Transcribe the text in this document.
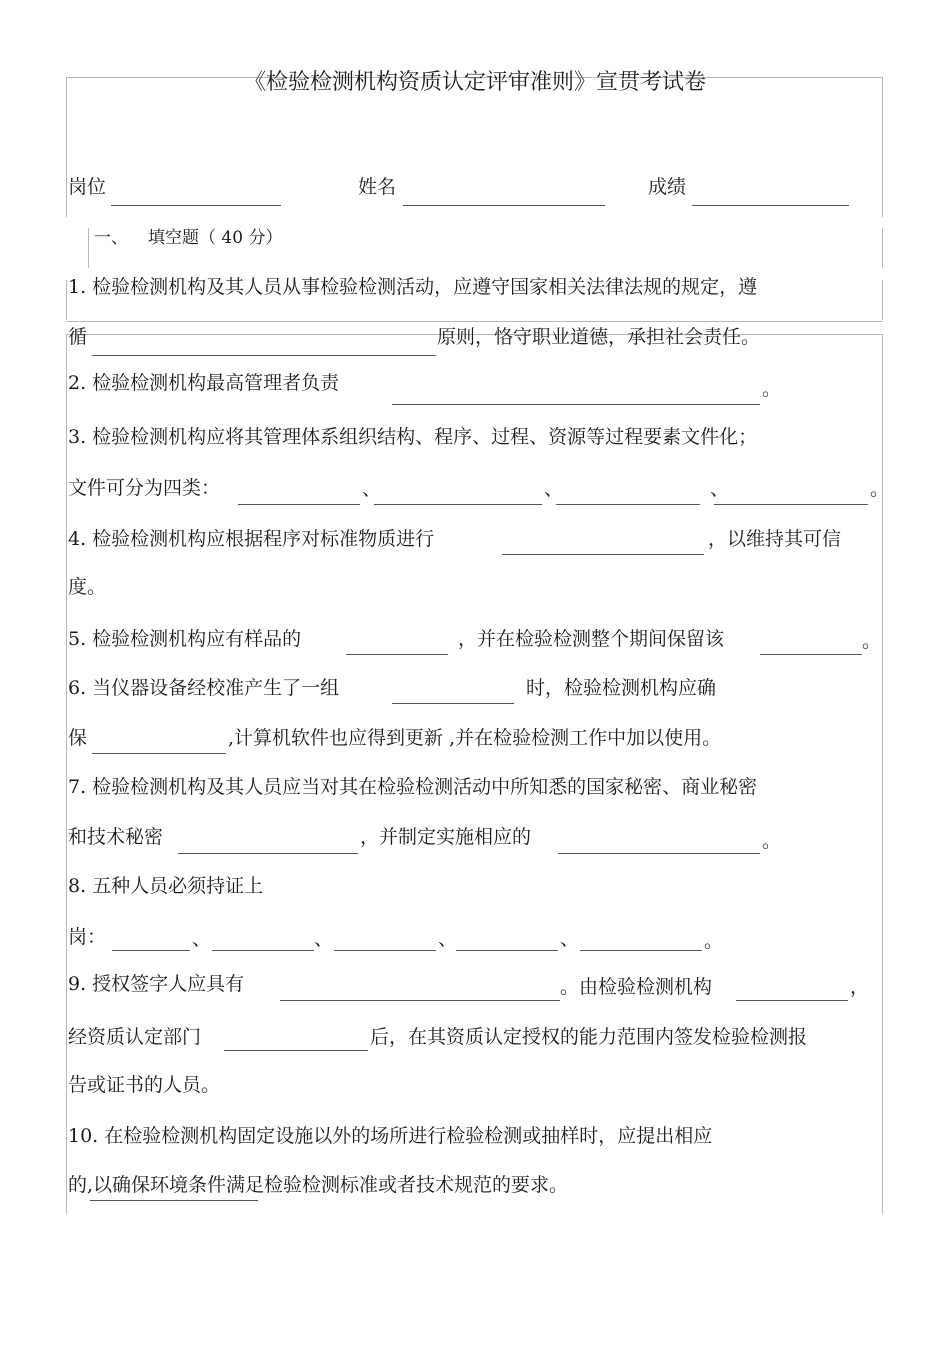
《检验检测机构资质认定评审准则》宣贯考试卷
岗位	姓名	成绩
一、 填空题（ 40 分）
1. 检验检测机构及其人员从事检验检测活动，应遵守国家相关法律法规的规定，遵
循	原则，恪守职业道德，承担社会责任。
2. 检验检测机构最高管理者负责	。
3. 检验检测机构应将其管理体系组织结构、程序、过程、资源等过程要素文件化；
文件可分为四类：	、	、	、	。
4. 检验检测机构应根据程序对标准物质进行	，以维持其可信
度。
5. 检验检测机构应有样品的	，并在检验检测整个期间保留该	。
6. 当仪器设备经校准产生了一组	时，检验检测机构应确
保	,计算机软件也应得到更新 ,并在检验检测工作中加以使用。
7. 检验检测机构及其人员应当对其在检验检测活动中所知悉的国家秘密、商业秘密
和技术秘密	，并制定实施相应的	。
8. 五种人员必须持证上
岗：	、	、	、	、	。
9. 授权签字人应具有	。由检验检测机构	，
经资质认定部门	后，在其资质认定授权的能力范围内签发检验检测报
告或证书的人员。
10. 在检验检测机构固定设施以外的场所进行检验检测或抽样时，应提出相应
的,以确保环境条件满足检验检测标准或者技术规范的要求。
